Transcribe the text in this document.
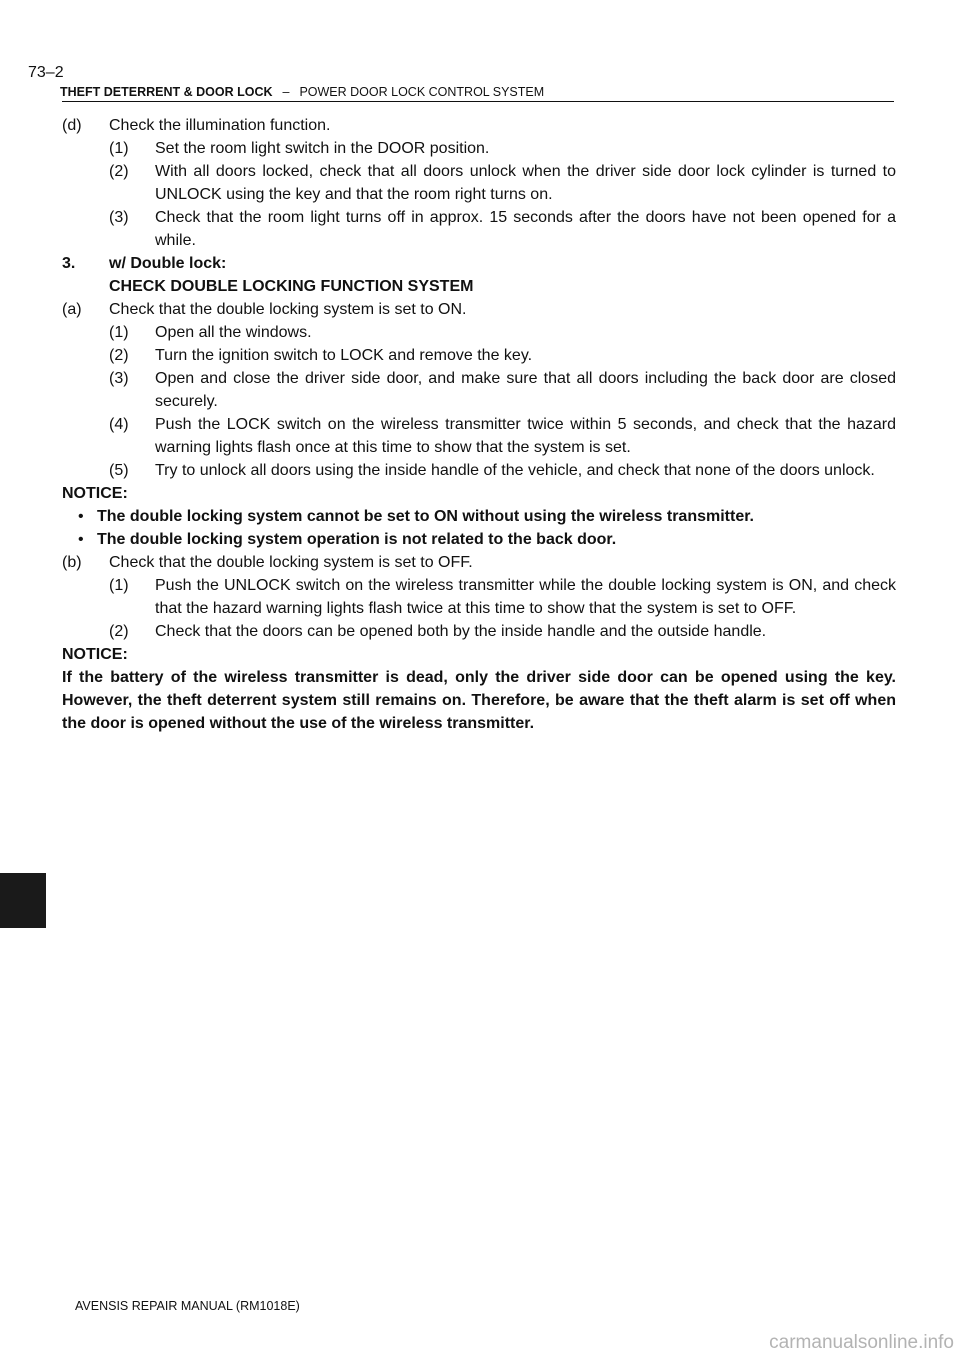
73–2
THEFT DETERRENT & DOOR LOCK – POWER DOOR LOCK CONTROL SYSTEM

(d) Check the illumination function.

(1) Set the room light switch in the DOOR position.

(2) With all doors locked, check that all doors unlock when the driver side door lock cylinder is turned to UNLOCK using the key and that the room right turns on.

(3) Check that the room light turns off in approx. 15 seconds after the doors have not been opened for a while.

3. w/ Double lock:

CHECK DOUBLE LOCKING FUNCTION SYSTEM

(a) Check that the double locking system is set to ON.

(1) Open all the windows.

(2) Turn the ignition switch to LOCK and remove the key.

(3) Open and close the driver side door, and make sure that all doors including the back door are closed securely.

(4) Push the LOCK switch on the wireless transmitter twice within 5 seconds, and check that the hazard warning lights flash once at this time to show that the system is set.

(5) Try to unlock all doors using the inside handle of the vehicle, and check that none of the doors unlock.

NOTICE:

• The double locking system cannot be set to ON without using the wireless transmitter.

• The double locking system operation is not related to the back door.

(b) Check that the double locking system is set to OFF.

(1) Push the UNLOCK switch on the wireless transmitter while the double locking system is ON, and check that the hazard warning lights flash twice at this time to show that the system is set to OFF.

(2) Check that the doors can be opened both by the inside handle and the outside handle.

NOTICE:

If the battery of the wireless transmitter is dead, only the driver side door can be opened using the key. However, the theft deterrent system still remains on. Therefore, be aware that the theft alarm is set off when the door is opened without the use of the wireless transmitter.

AVENSIS REPAIR MANUAL (RM1018E)
carmanualsonline.info
